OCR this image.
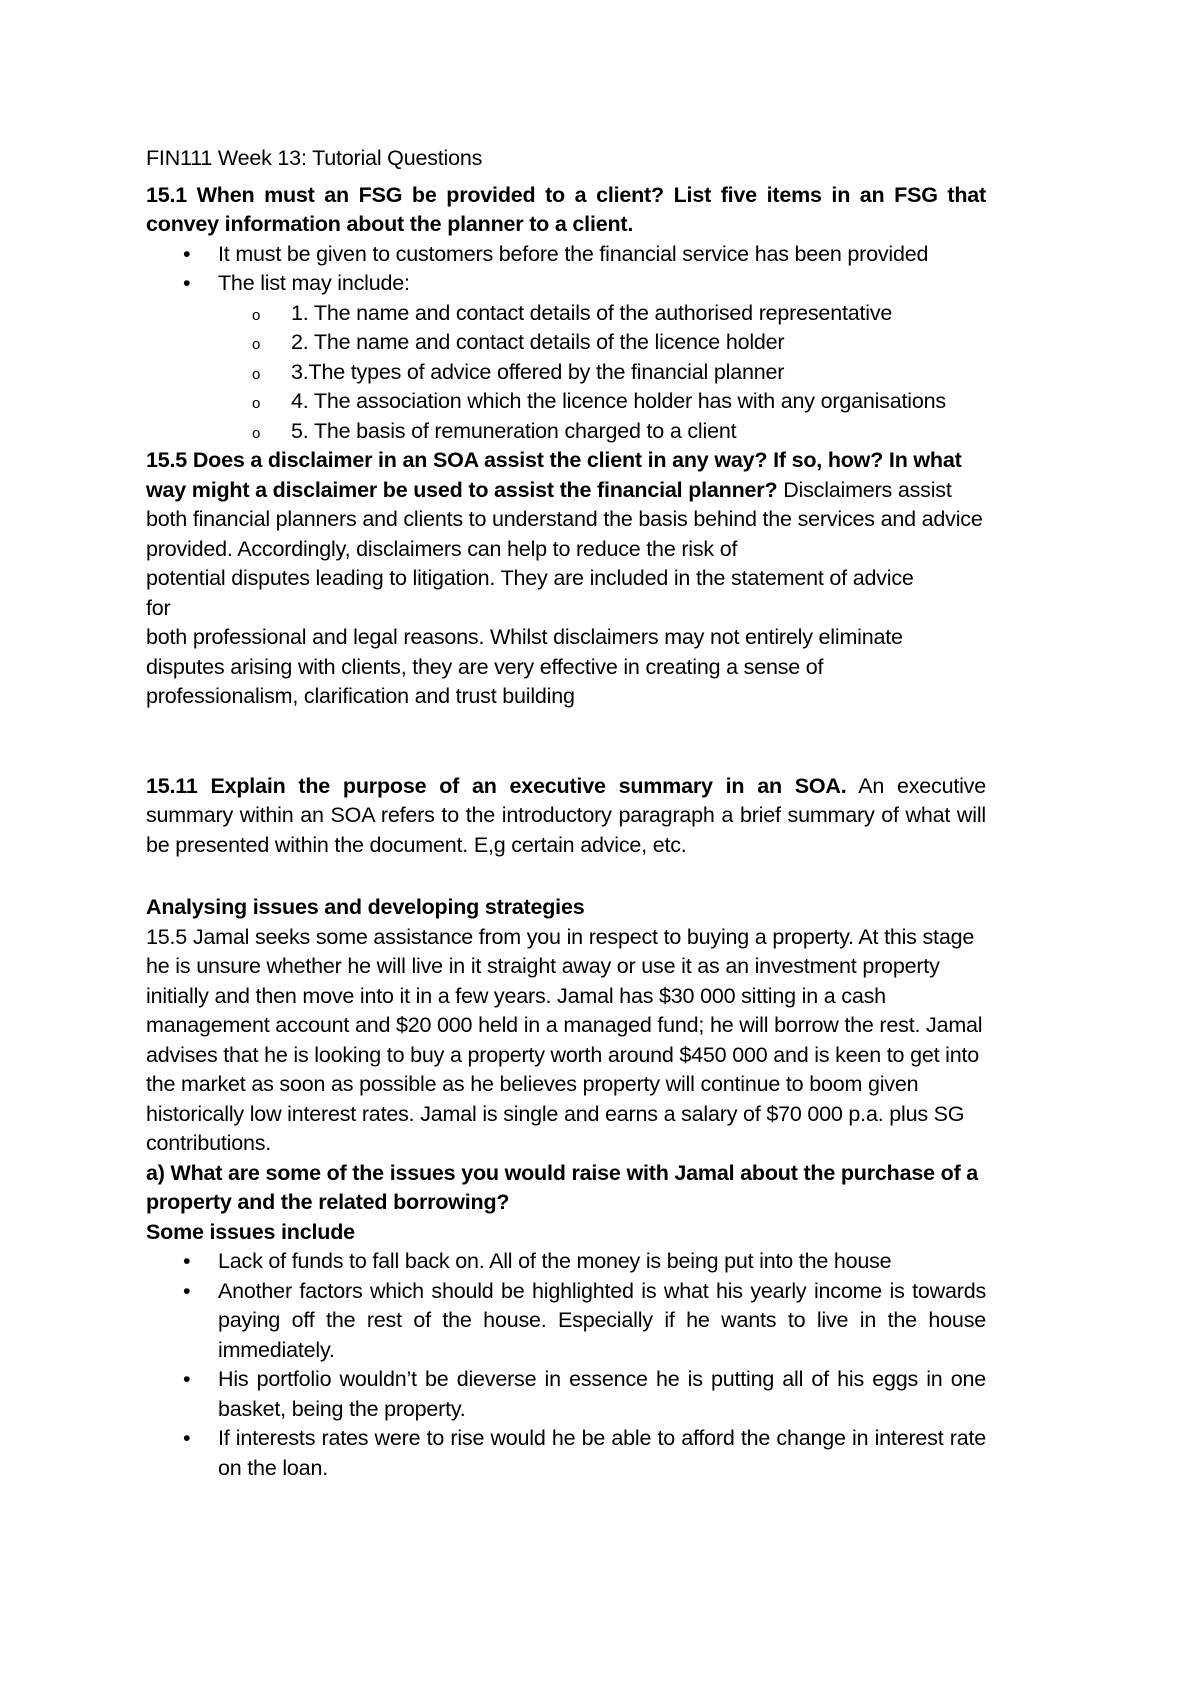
FIN111 Week 13: Tutorial Questions

15.1 When must an FSG be provided to a client? List five items in an FSG that convey information about the planner to a client.

• It must be given to customers before the financial service has been provided
• The list may include:
o 1. The name and contact details of the authorised representative
o 2. The name and contact details of the licence holder
o 3.The types of advice offered by the financial planner
o 4. The association which the licence holder has with any organisations
o 5. The basis of remuneration charged to a client

15.5 Does a disclaimer in an SOA assist the client in any way? If so, how? In what way might a disclaimer be used to assist the financial planner? Disclaimers assist both financial planners and clients to understand the basis behind the services and advice provided. Accordingly, disclaimers can help to reduce the risk of

potential disputes leading to litigation. They are included in the statement of advice

for

both professional and legal reasons. Whilst disclaimers may not entirely eliminate

disputes arising with clients, they are very effective in creating a sense of

professionalism, clarification and trust building

15.11 Explain the purpose of an executive summary in an SOA. An executive summary within an SOA refers to the introductory paragraph a brief summary of what will be presented within the document. E,g certain advice, etc.

Analysing issues and developing strategies

15.5 Jamal seeks some assistance from you in respect to buying a property. At this stage he is unsure whether he will live in it straight away or use it as an investment property initially and then move into it in a few years. Jamal has $30 000 sitting in a cash management account and $20 000 held in a managed fund; he will borrow the rest. Jamal advises that he is looking to buy a property worth around $450 000 and is keen to get into the market as soon as possible as he believes property will continue to boom given historically low interest rates. Jamal is single and earns a salary of $70 000 p.a. plus SG contributions.

a) What are some of the issues you would raise with Jamal about the purchase of a property and the related borrowing?

Some issues include

• Lack of funds to fall back on. All of the money is being put into the house
• Another factors which should be highlighted is what his yearly income is towards paying off the rest of the house. Especially if he wants to live in the house immediately.
• His portfolio wouldn’t be dieverse in essence he is putting all of his eggs in one basket, being the property.
• If interests rates were to rise would he be able to afford the change in interest rate on the loan.
